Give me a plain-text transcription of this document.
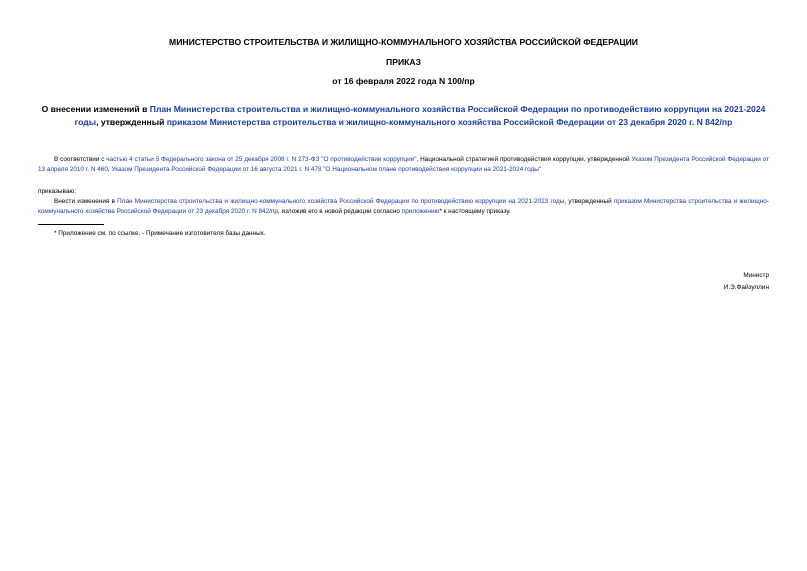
МИНИСТЕРСТВО СТРОИТЕЛЬСТВА И ЖИЛИЩНО-КОММУНАЛЬНОГО ХОЗЯЙСТВА РОССИЙСКОЙ ФЕДЕРАЦИИ
ПРИКАЗ
от 16 февраля 2022 года N 100/пр
О внесении изменений в План Министерства строительства и жилищно-коммунального хозяйства Российской Федерации по противодействию коррупции на 2021-2024 годы, утвержденный приказом Министерства строительства и жилищно-коммунального хозяйства Российской Федерации от 23 декабря 2020 г. N 842/пр
В соответствии с частью 4 статьи 5 Федерального закона от 25 декабря 2008 г. N 273-ФЗ "О противодействии коррупции", Национальной стратегией противодействия коррупции, утвержденной Указом Президента Российской Федерации от 13 апреля 2010 г. N 460, Указом Президента Российской Федерации от 16 августа 2021 г. N 478 "О Национальном плане противодействия коррупции на 2021-2024 годы"
приказываю:
Внести изменения в План Министерства строительства и жилищно-коммунального хозяйства Российской Федерации по противодействию коррупции на 2021-2023 годы, утвержденный приказом Министерства строительства и жилищно-коммунального хозяйства Российской Федерации от 23 декабря 2020 г. N 842/пр, изложив его в новой редакции согласно приложению* к настоящему приказу.
* Приложение см. по ссылке. - Примечание изготовителя базы данных.
Министр
И.Э.Файзуллин
